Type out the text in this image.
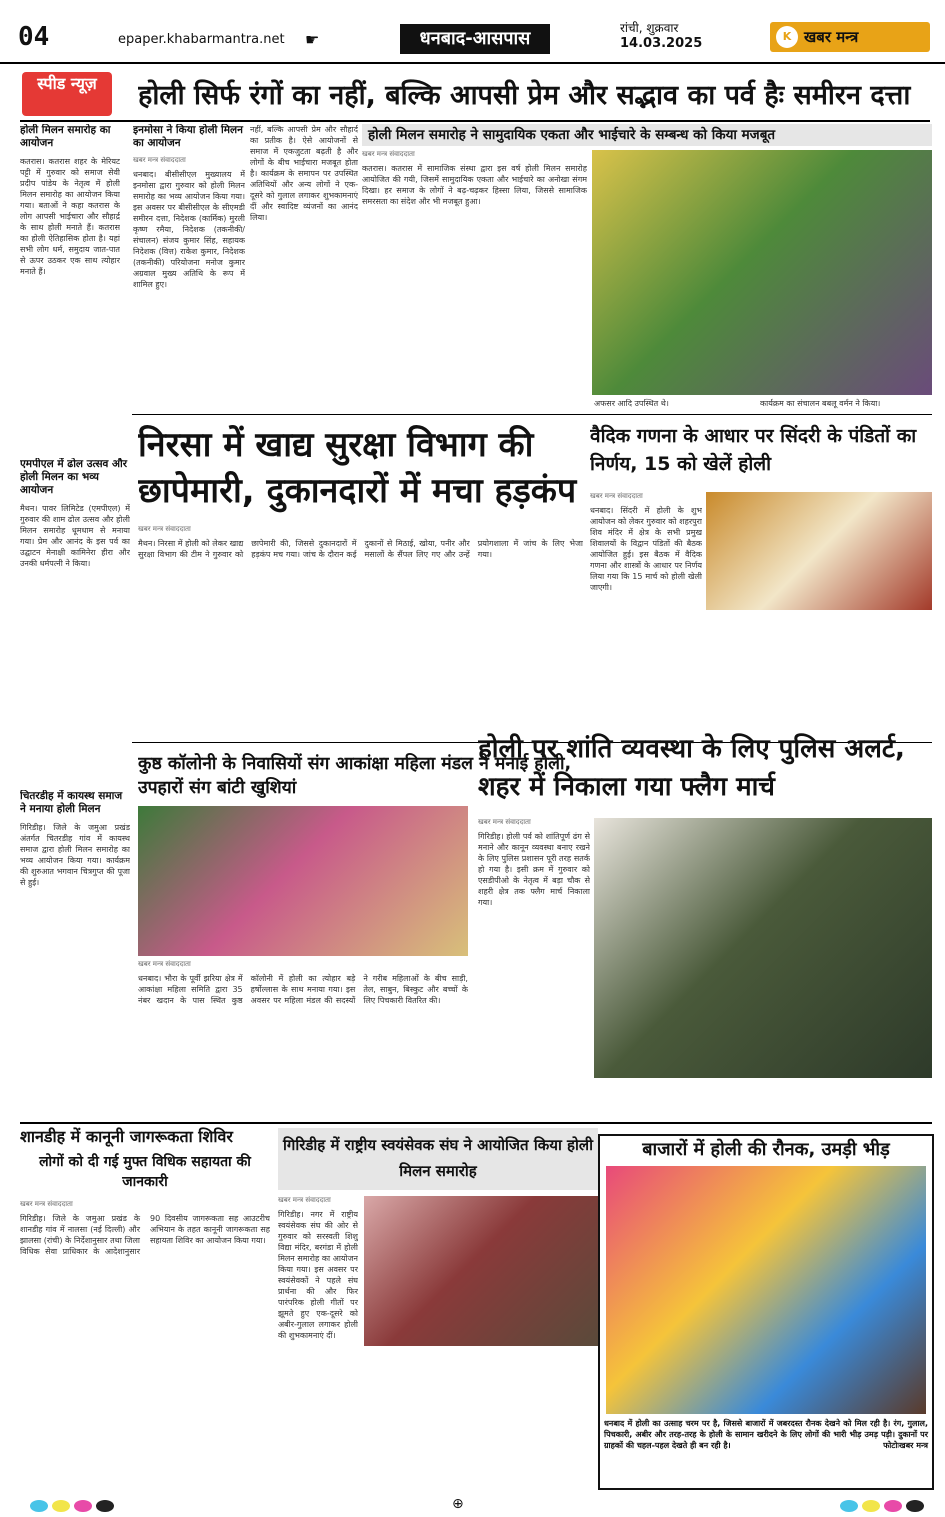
04	epaper.khabarmantra.net ☛	धनबाद-आसपास	रांची, शुक्रवार
14.03.2025	K खबर मन्त्र
स्पीड न्यूज़	होली सिर्फ रंगों का नहीं, बल्कि आपसी प्रेम और सद्भाव का पर्व हैः समीरन दत्ता
होली मिलन समारोह का आयोजन
कतरास। कतरास शहर के मेरियट पट्टी में गुरुवार को समाज सेवी प्रदीप पांडेय के नेतृत्व में होली मिलन समारोह का आयोजन किया गया। बताओं ने कहा कतरास के लोग आपसी भाईचारा और सौहार्द्र के साथ होली मनाते हैं। कतरास का होली ऐतिहासिक होता है। यहां सभी लोग धर्म, समुदाय जात-पात से ऊपर उठकर एक साथ त्योहार मनाते हैं।
इनमोसा ने किया होली मिलन का आयोजन
खबर मन्त्र संवाददाता
धनबाद। बीसीसीएल मुख्यालय में इनमोसा द्वारा गुरुवार को होली मिलन समारोह का भव्य आयोजन किया गया। इस अवसर पर बीसीसीएल के सीएमडी समीरन दत्ता, निदेशक (कार्मिक) मुरली कृष्ण रमैया, निदेशक (तकनीकी/संचालन) संजय कुमार सिंह, सहायक निदेशक (वित्त) राकेश कुमार, निदेशक (तकनीकी) परियोजना मनोज कुमार अग्रवाल मुख्य अतिथि के रूप में शामिल हुए।
नहीं, बल्कि आपसी प्रेम और सौहार्द का प्रतीक है। ऐसे आयोजनों से समाज में एकजुटता बढ़ती है और लोगों के बीच भाईचारा मजबूत होता है। कार्यक्रम के समापन पर उपस्थित अतिथियों और अन्य लोगों ने एक-दूसरे को गुलाल लगाकर शुभकामनाएं दीं और स्वादिष्ट व्यंजनों का आनंद लिया।
होली मिलन समारोह ने सामुदायिक एकता और भाईचारे के सम्बन्ध को किया मजबूत
खबर मन्त्र संवाददाता
कतरास। कतरास में सामाजिक संस्था द्वारा इस वर्ष होली मिलन समारोह आयोजित की गयी, जिसमें सामुदायिक एकता और भाईचारे का अनोखा संगम दिखा। हर समाज के लोगों ने बढ़-चढ़कर हिस्सा लिया, जिससे सामाजिक समरसता का संदेश और भी मजबूत हुआ।
अफसर आदि उपस्थित थे।	कार्यक्रम का संचालन बबलू वर्मन ने किया।
एमपीएल में ढोल उत्सव और होली मिलन का भव्य आयोजन
मैथन। पावर लिमिटेड (एमपीएल) में गुरुवार की शाम ढोल उत्सव और होली मिलन समारोह धूमधाम से मनाया गया। प्रेम और आनंद के इस पर्व का उद्घाटन मेनाक्षी कामिनेरा हीरा और उनकी धर्मपत्नी ने किया।
निरसा में खाद्य सुरक्षा विभाग की छापेमारी, दुकानदारों में मचा हड़कंप
खबर मन्त्र संवाददाता
मैथन। निरसा में होली को लेकर खाद्य सुरक्षा विभाग की टीम ने गुरुवार को छापेमारी की, जिससे दुकानदारों में हड़कंप मच गया। जांच के दौरान कई दुकानों से मिठाई, खोया, पनीर और मसालों के सैंपल लिए गए और उन्हें प्रयोगशाला में जांच के लिए भेजा गया।
वैदिक गणना के आधार पर सिंदरी के पंडितों का निर्णय, 15 को खेलें होली
खबर मन्त्र संवाददाता
धनबाद। सिंदरी में होली के शुभ आयोजन को लेकर गुरुवार को शहरपुरा शिव मंदिर में क्षेत्र के सभी प्रमुख शिवालयों के विद्वान पंडितों की बैठक आयोजित हुई। इस बैठक में वैदिक गणना और शास्त्रों के आधार पर निर्णय लिया गया कि 15 मार्च को होली खेली जाएगी।
चितरडीह में कायस्थ समाज ने मनाया होली मिलन
गिरिडीह। जिले के जमुआ प्रखंड अंतर्गत चितरडीह गांव में कायस्थ समाज द्वारा होली मिलन समारोह का भव्य आयोजन किया गया। कार्यक्रम की शुरुआत भगवान चित्रगुप्त की पूजा से हुई।
कुष्ठ कॉलोनी के निवासियों संग आकांक्षा महिला मंडल ने मनाई होली, उपहारों संग बांटी खुशियां
खबर मन्त्र संवाददाता
धनबाद। भौरा के पूर्वी झरिया क्षेत्र में आकांक्षा महिला समिति द्वारा 35 नंबर खदान के पास स्थित कुष्ठ कॉलोनी में होली का त्योहार बड़े हर्षोल्लास के साथ मनाया गया। इस अवसर पर महिला मंडल की सदस्यों ने गरीब महिलाओं के बीच साड़ी, तेल, साबुन, बिस्कुट और बच्चों के लिए पिचकारी वितरित की।
होली पर शांति व्यवस्था के लिए पुलिस अलर्ट, शहर में निकाला गया फ्लैग मार्च
खबर मन्त्र संवाददाता
गिरिडीह। होली पर्व को शांतिपूर्ण ढंग से मनाने और कानून व्यवस्था बनाए रखने के लिए पुलिस प्रशासन पूरी तरह सतर्क हो गया है। इसी क्रम में गुरुवार को एसडीपीओ के नेतृत्व में बड़ा चौक से शहरी क्षेत्र तक फ्लैग मार्च निकाला गया।
शानडीह में कानूनी जागरूकता शिविर
लोगों को दी गई मुफ्त विधिक सहायता की जानकारी
खबर मन्त्र संवाददाता
गिरिडीह। जिले के जमुआ प्रखंड के शानडीह गांव में नालसा (नई दिल्ली) और झालसा (रांची) के निर्देशानुसार तथा जिला विधिक सेवा प्राधिकार के आदेशानुसार 90 दिवसीय जागरूकता सह आउटरीच अभियान के तहत कानूनी जागरूकता सह सहायता शिविर का आयोजन किया गया।
गिरिडीह में राष्ट्रीय स्वयंसेवक संघ ने आयोजित किया होली मिलन समारोह
खबर मन्त्र संवाददाता
गिरिडीह। नगर में राष्ट्रीय स्वयंसेवक संघ की ओर से गुरुवार को सरस्वती शिशु विद्या मंदिर, बरगंडा में होली मिलन समारोह का आयोजन किया गया। इस अवसर पर स्वयंसेवकों ने पहले संघ प्रार्थना की और फिर पारंपरिक होली गीतों पर झूमते हुए एक-दूसरे को अबीर-गुलाल लगाकर होली की शुभकामनाएं दीं।
बाजारों में होली की रौनक, उमड़ी भीड़
धनबाद में होली का उत्साह चरम पर है, जिससे बाजारों में जबरदस्त रौनक देखने को मिल रही है। रंग, गुलाल, पिचकारी, अबीर और तरह-तरह के होली के सामान खरीदने के लिए लोगों की भारी भीड़ उमड़ पड़ी। दुकानों पर ग्राहकों की चहल-पहल देखते ही बन रही है।	फोटोःखबर मन्त्र
⊕
